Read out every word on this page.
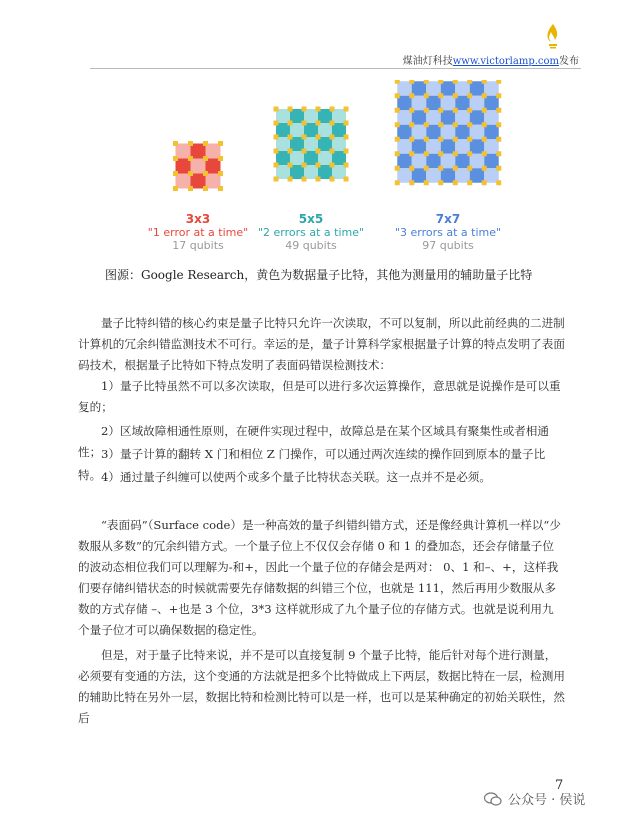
煤油灯科技www.victorlamp.com发布
3x3
"1 error at a time"
17 qubits
5x5
"2 errors at a time"
49 qubits
7x7
"3 errors at a time"
97 qubits
图源：Google Research，黄色为数据量子比特，其他为测量用的辅助量子比特
量子比特纠错的核心约束是量子比特只允许一次读取，不可以复制，所以此前经典的二进制计算机的冗余纠错监测技术不可行。幸运的是，量子计算科学家根据量子计算的特点发明了表面码技术，根据量子比特如下特点发明了表面码错误检测技术：
1）量子比特虽然不可以多次读取，但是可以进行多次运算操作，意思就是说操作是可以重复的；
2）区域故障相通性原则，在硬件实现过程中，故障总是在某个区域具有聚集性或者相通性； 3）量子计算的翻转 X 门和相位 Z 门操作，可以通过两次连续的操作回到原本的量子比特。 4）通过量子纠缠可以使两个或多个量子比特状态关联。这一点并不是必须。
“表面码”（Surface code）是一种高效的量子纠错纠错方式，还是像经典计算机一样以“少数服从多数”的冗余纠错方式。一个量子位上不仅仅会存储 0 和 1 的叠加态，还会存储量子位的波动态相位我们可以理解为-和+，因此一个量子位的存储会是两对： 0、1 和–、+，这样我们要存储纠错状态的时候就需要先存储数据的纠错三个位，也就是 111，然后再用少数服从多数的方式存储 –、+也是 3 个位，3*3 这样就形成了九个量子位的存储方式。也就是说利用九个量子位才可以确保数据的稳定性。
但是，对于量子比特来说，并不是可以直接复制 9 个量子比特，能后针对每个进行测量，必须要有变通的方法，这个变通的方法就是把多个比特做成上下两层，数据比特在一层，检测用的辅助比特在另外一层，数据比特和检测比特可以是一样，也可以是某种确定的初始关联性，然后
7
公众号 · 侯说
